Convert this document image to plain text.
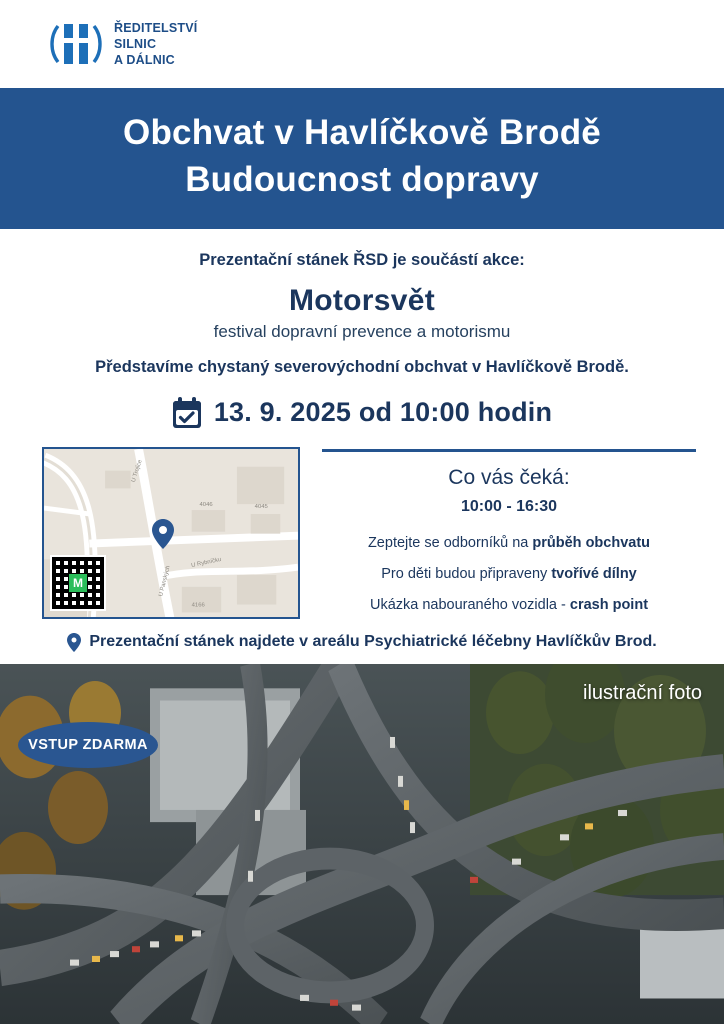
ŘEDITELSTVÍ
SILNIC
A DÁLNIC
Obchvat v Havlíčkově Brodě
Budoucnost dopravy
Prezentační stánek ŘSD je součástí akce:
Motorsvět
festival dopravní prevence a motorismu
Představíme chystaný severovýchodní obchvat v Havlíčkově Brodě.
13. 9. 2025 od 10:00 hodin
U Trojice
U Rybníčku
U Panských
4046	4045
4166
M
Co vás čeká:
10:00 - 16:30
Zeptejte se odborníků na průběh obchvatu
Pro děti budou připraveny tvořívé dílny
Ukázka nabouraného vozidla - crash point
Prezentační stánek najdete v areálu Psychiatrické léčebny Havlíčkův Brod.
ilustrační foto
VSTUP ZDARMA
